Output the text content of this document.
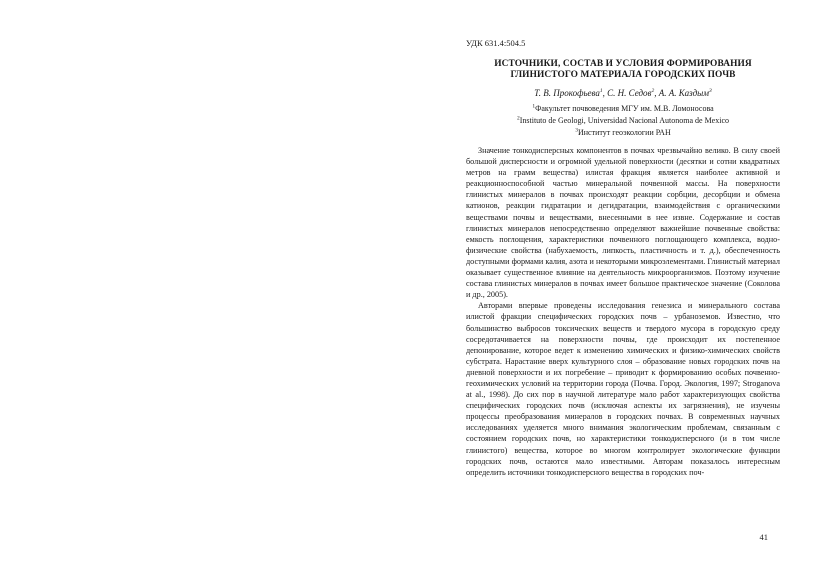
УДК 631.4:504.5
ИСТОЧНИКИ, СОСТАВ И УСЛОВИЯ ФОРМИРОВАНИЯ
ГЛИНИСТОГО МАТЕРИАЛА ГОРОДСКИХ ПОЧВ
Т. В. Прокофьева$^1$, С. Н. Седов$^2$, А. А. Каздым$^3$
$^1$Факультет почвоведения МГУ им. М.В. Ломоносова
$^2$Instituto de Geologi, Universidad Nacional Autonoma de Mexico
$^3$Институт геоэкологии РАН

Значение тонкодисперсных компонентов в почвах чрезвычайно велико. В силу своей большой дисперсности и огромной удельной поверхности (десятки и сотни квадратных метров на грамм вещества) илистая фракция является наиболее активной и реакционноспособной частью минеральной почвенной массы. На поверхности глинистых минералов в почвах происходят реакции сорбции, десорбции и обмена катионов, реакции гидратации и дегидратации, взаимодействия с органическими веществами почвы и веществами, внесенными в нее извне. Содержание и состав глинистых минералов непосредственно определяют важнейшие почвенные свойства: емкость поглощения, характеристики почвенного поглощающего комплекса, водно-физические свойства (набухаемость, липкость, пластичность и т. д.), обеспеченность доступными формами калия, азота и некоторыми микроэлементами. Глинистый материал оказывает существенное влияние на деятельность микроорганизмов. Поэтому изучение состава глинистых минералов в почвах имеет большое практическое значение (Соколова и др., 2005).

Авторами впервые проведены исследования генезиса и минерального состава илистой фракции специфических городских почв – урбаноземов. Известно, что большинство выбросов токсических веществ и твердого мусора в городскую среду сосредотачивается на поверхности почвы, где происходит их постепенное депонирование, которое ведет к изменению химических и физико-химических свойств субстрата. Нарастание вверх культурного слоя – образование новых городских почв на дневной поверхности и их погребение – приводит к формированию особых почвенно-геохимических условий на территории города (Почва. Город. Экология, 1997; Stroganova at al., 1998). До сих пор в научной литературе мало работ характеризующих свойства специфических городских почв (исключая аспекты их загрязнения), не изучены процессы преобразования минералов в городских почвах. В современных научных исследованиях уделяется много внимания экологическим проблемам, связанным с состоянием городских почв, но характеристики тонкодисперсного (и в том числе глинистого) вещества, которое во многом контролирует экологические функции городских почв, остаются мало известными. Авторам показалось интересным определить источники тонкодисперсного вещества в городских поч-

41
